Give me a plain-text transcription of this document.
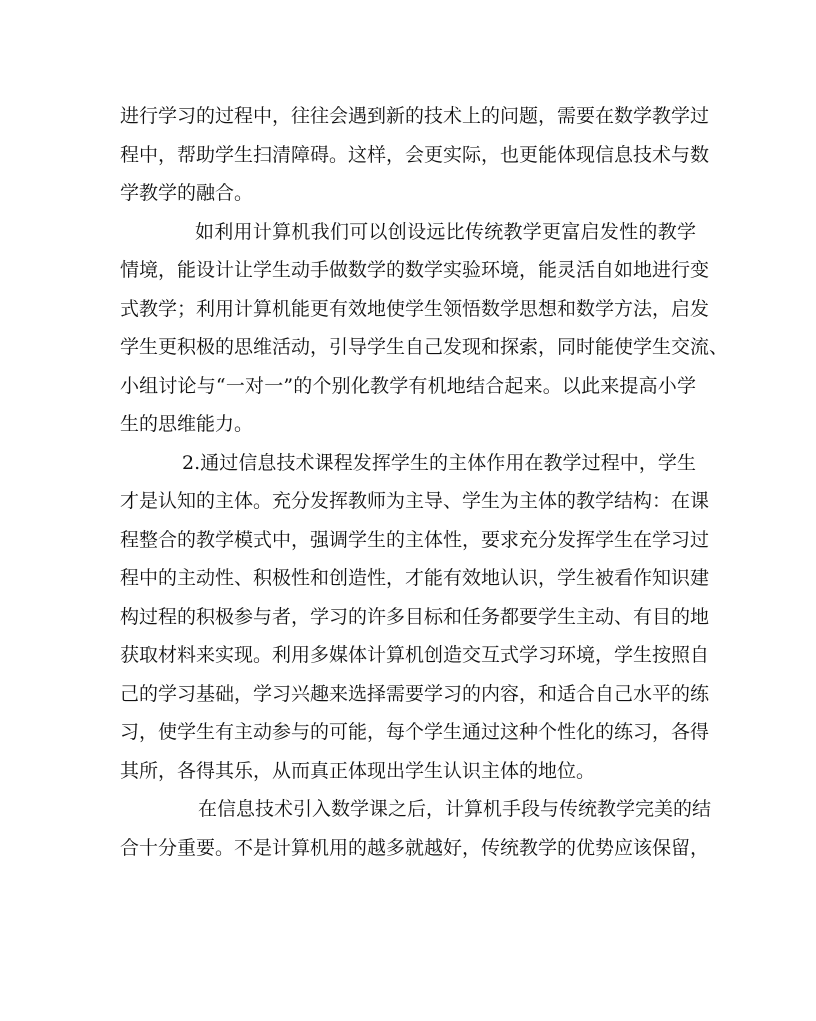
进行学习的过程中，往往会遇到新的技术上的问题，需要在数学教学过
程中，帮助学生扫清障碍。这样，会更实际，也更能体现信息技术与数
学教学的融合。
如利用计算机我们可以创设远比传统教学更富启发性的教学
情境，能设计让学生动手做数学的数学实验环境，能灵活自如地进行变
式教学；利用计算机能更有效地使学生领悟数学思想和数学方法，启发
学生更积极的思维活动，引导学生自己发现和探索，同时能使学生交流、
小组讨论与“一对一”的个别化教学有机地结合起来。以此来提高小学
生的思维能力。
2.通过信息技术课程发挥学生的主体作用在教学过程中，学生
才是认知的主体。充分发挥教师为主导、学生为主体的教学结构：在课
程整合的教学模式中，强调学生的主体性，要求充分发挥学生在学习过
程中的主动性、积极性和创造性，才能有效地认识，学生被看作知识建
构过程的积极参与者，学习的许多目标和任务都要学生主动、有目的地
获取材料来实现。利用多媒体计算机创造交互式学习环境，学生按照自
己的学习基础，学习兴趣来选择需要学习的内容，和适合自己水平的练
习，使学生有主动参与的可能，每个学生通过这种个性化的练习，各得
其所，各得其乐，从而真正体现出学生认识主体的地位。
在信息技术引入数学课之后，计算机手段与传统教学完美的结
合十分重要。不是计算机用的越多就越好，传统教学的优势应该保留，
